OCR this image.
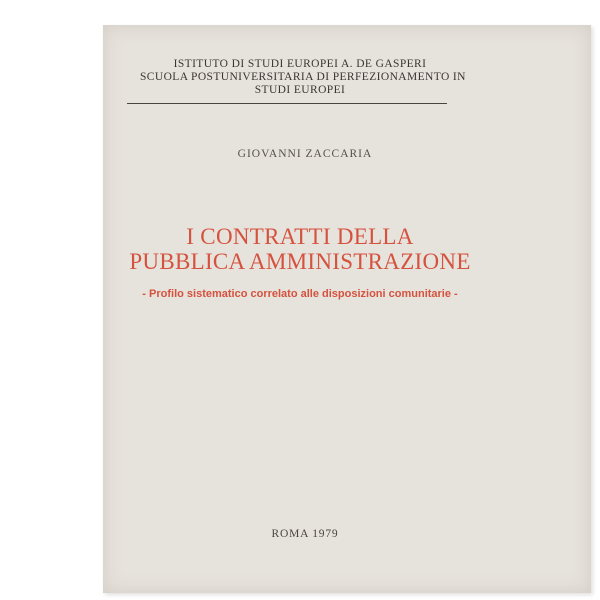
ISTITUTO DI STUDI EUROPEI A. DE GASPERI
SCUOLA POSTUNIVERSITARIA DI PERFEZIONAMENTO IN
STUDI EUROPEI
GIOVANNI ZACCARIA
I CONTRATTI DELLA
PUBBLICA AMMINISTRAZIONE
- Profilo sistematico correlato alle disposizioni comunitarie -
ROMA 1979
